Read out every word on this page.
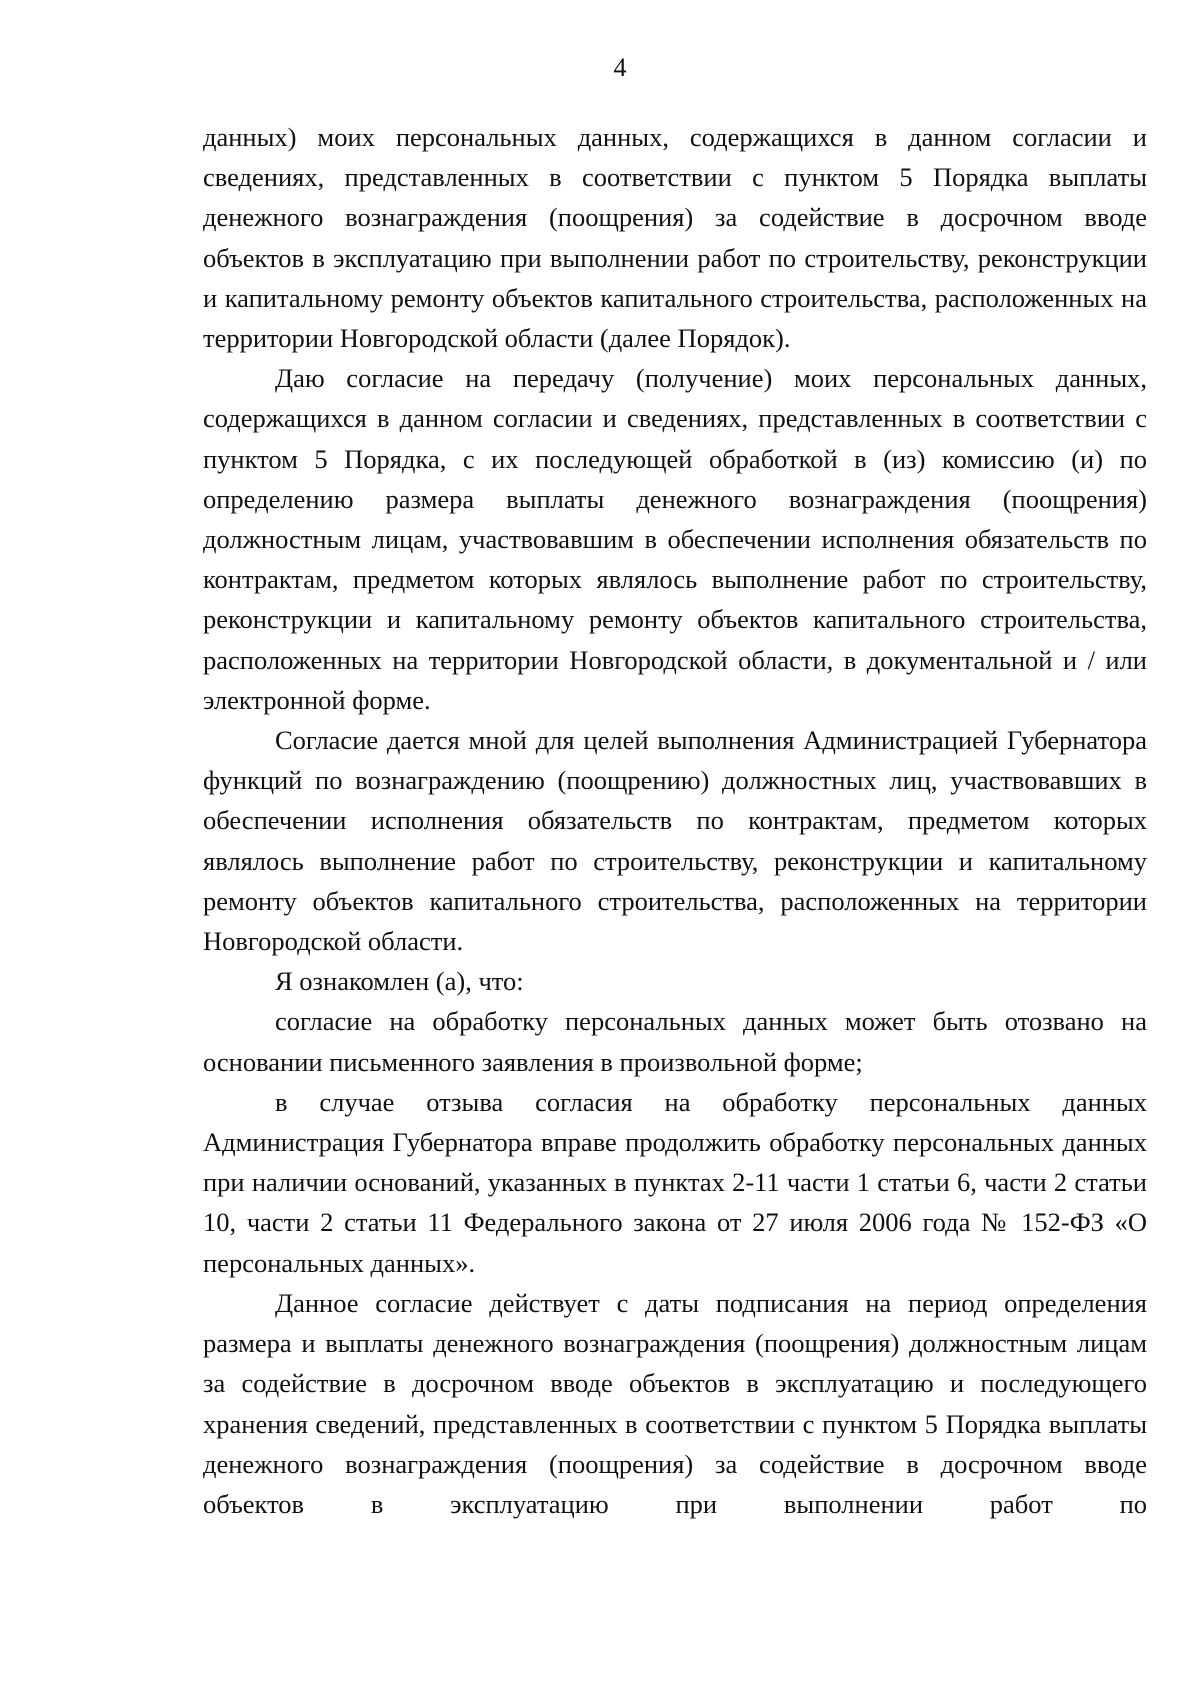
4

данных) моих персональных данных, содержащихся в данном согласии и сведениях, представленных в соответствии с пунктом 5 Порядка выплаты денежного вознаграждения (поощрения) за содействие в досрочном вводе объектов в эксплуатацию при выполнении работ по строительству, реконструкции и капитальному ремонту объектов капитального строительства, расположенных на территории Новгородской области (далее Порядок).

Даю согласие на передачу (получение) моих персональных данных, содержащихся в данном согласии и сведениях, представленных в соответствии с пунктом 5 Порядка, с их последующей обработкой в (из) комиссию (и) по определению размера выплаты денежного вознаграждения (поощрения) должностным лицам, участвовавшим в обеспечении исполнения обязательств по контрактам, предметом которых являлось выполнение работ по строительству, реконструкции и капитальному ремонту объектов капитального строительства, расположенных на территории Новгородской области, в документальной и / или электронной форме.

Согласие дается мной для целей выполнения Администрацией Губернатора функций по вознаграждению (поощрению) должностных лиц, участвовавших в обеспечении исполнения обязательств по контрактам, предметом которых являлось выполнение работ по строительству, реконструкции и капитальному ремонту объектов капитального строительства, расположенных на территории Новгородской области.

Я ознакомлен (а), что:

согласие на обработку персональных данных может быть отозвано на основании письменного заявления в произвольной форме;

в случае отзыва согласия на обработку персональных данных Администрация Губернатора вправе продолжить обработку персональных данных при наличии оснований, указанных в пунктах 2-11 части 1 статьи 6, части 2 статьи 10, части 2 статьи 11 Федерального закона от 27 июля 2006 года № 152-ФЗ «О персональных данных».

Данное согласие действует с даты подписания на период определения размера и выплаты денежного вознаграждения (поощрения) должностным лицам за содействие в досрочном вводе объектов в эксплуатацию и последующего хранения сведений, представленных в соответствии с пунктом 5 Порядка выплаты денежного вознаграждения (поощрения) за содействие в досрочном вводе объектов в эксплуатацию при выполнении работ по
